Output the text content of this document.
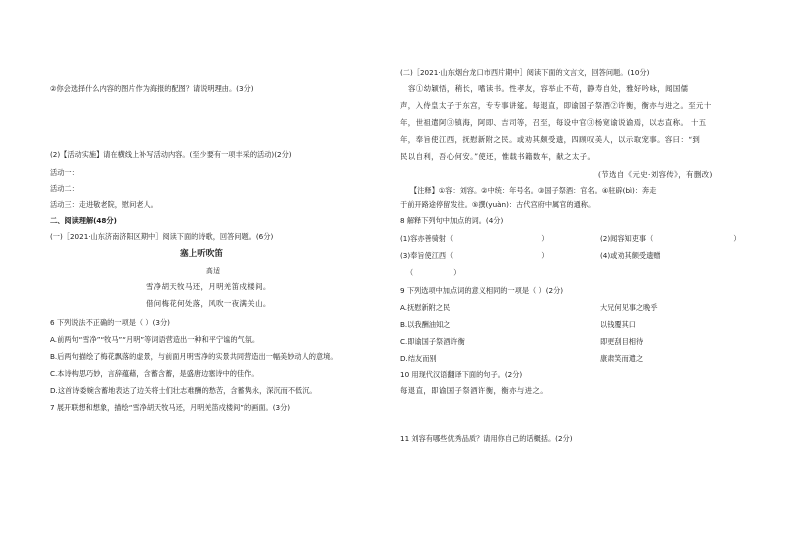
②你会选择什么内容的图片作为海报的配图？请说明理由。(3分)
(2)【活动实施】请在横线上补写活动内容。(至少要有一项丰采的活动)(2分)
活动一：
活动二：
活动三：走进敬老院，慰问老人。
二、阅读理解(48分)
(一)［2021·山东济南济阳区期中］阅读下面的诗歌，回答问题。(6分)
塞上听吹笛
高适
雪净胡天牧马还，月明羌笛戍楼间。
借问梅花何处落，风吹一夜满关山。
6 下列说法不正确的一项是（ ）(3分)
A.前两句“雪净”“牧马”“月明”等词语营造出一种和平宁谧的气氛。
B.后两句描绘了梅花飘落的虚景，与前面月明雪净的实景共同营造出一幅美妙动人的意境。
C.本诗构思巧妙，言辞蕴藉，含蓄含蓄，是盛唐边塞诗中的佳作。
D.这首诗委婉含蓄地表达了边关将士们壮志难酬的愁苦，含蓄隽永，深沉而不低沉。
7 展开联想和想象，描绘“雪净胡天牧马还，月明羌笛戍楼间”的画面。(3分)
(二)［2021·山东烟台龙口市西片期中］阅读下面的文言文，回答问题。(10分)
容①幼颖悟，稍长，嗜读书。性孝友，容举止不苟，静寿自处，雅好吟咏，闻国儒
声，入侍皇太子于东宫，专专事讲筵。每退直，即谕国子祭酒②许衡，衡亦与进之。至元十
年，世祖遣阿③镇海，阿即、吉司等，召至，每设中官③杨宽谕说谕焉，以志直称。 十五
年，奉旨使江西，抚慰新附之民。或劝其颇受遗，四顾叹美人，以示取宠事。容曰：“到
民以自利，吾心何安。”使还，惟载书籍数车，献之太子。
(节选自《元史·刘容传》，有删改)
【注释】①容：刘容。②中统：年号名。③国子祭酒：官名。④驻辟(bì)：奔走
于前开路途停留发往。⑤撰(yuàn)：古代宫府中属官的通称。
8 解释下列句中加点的词。(4分)
(1)容亦善骑射（	）	(2)闻容知吏事（	）
(3)奉旨使江西（	）	(4)或劝其颇受遗赠
（	）
9 下列选项中加点词的意义相同的一项是（ ）(2分)
A.抚慰新附之民	大兄何见事之晚乎
B.以我酬油知之	以钱覆其口
C.即谕国子祭酒许衡	即更刮目相待
D.结友而别	康肃笑而遣之
10 用现代汉语翻译下面的句子。(2分)
每退直，即谕国子祭酒许衡，衡亦与进之。
11 刘容有哪些优秀品质？请用你自己的话概括。(2分)
